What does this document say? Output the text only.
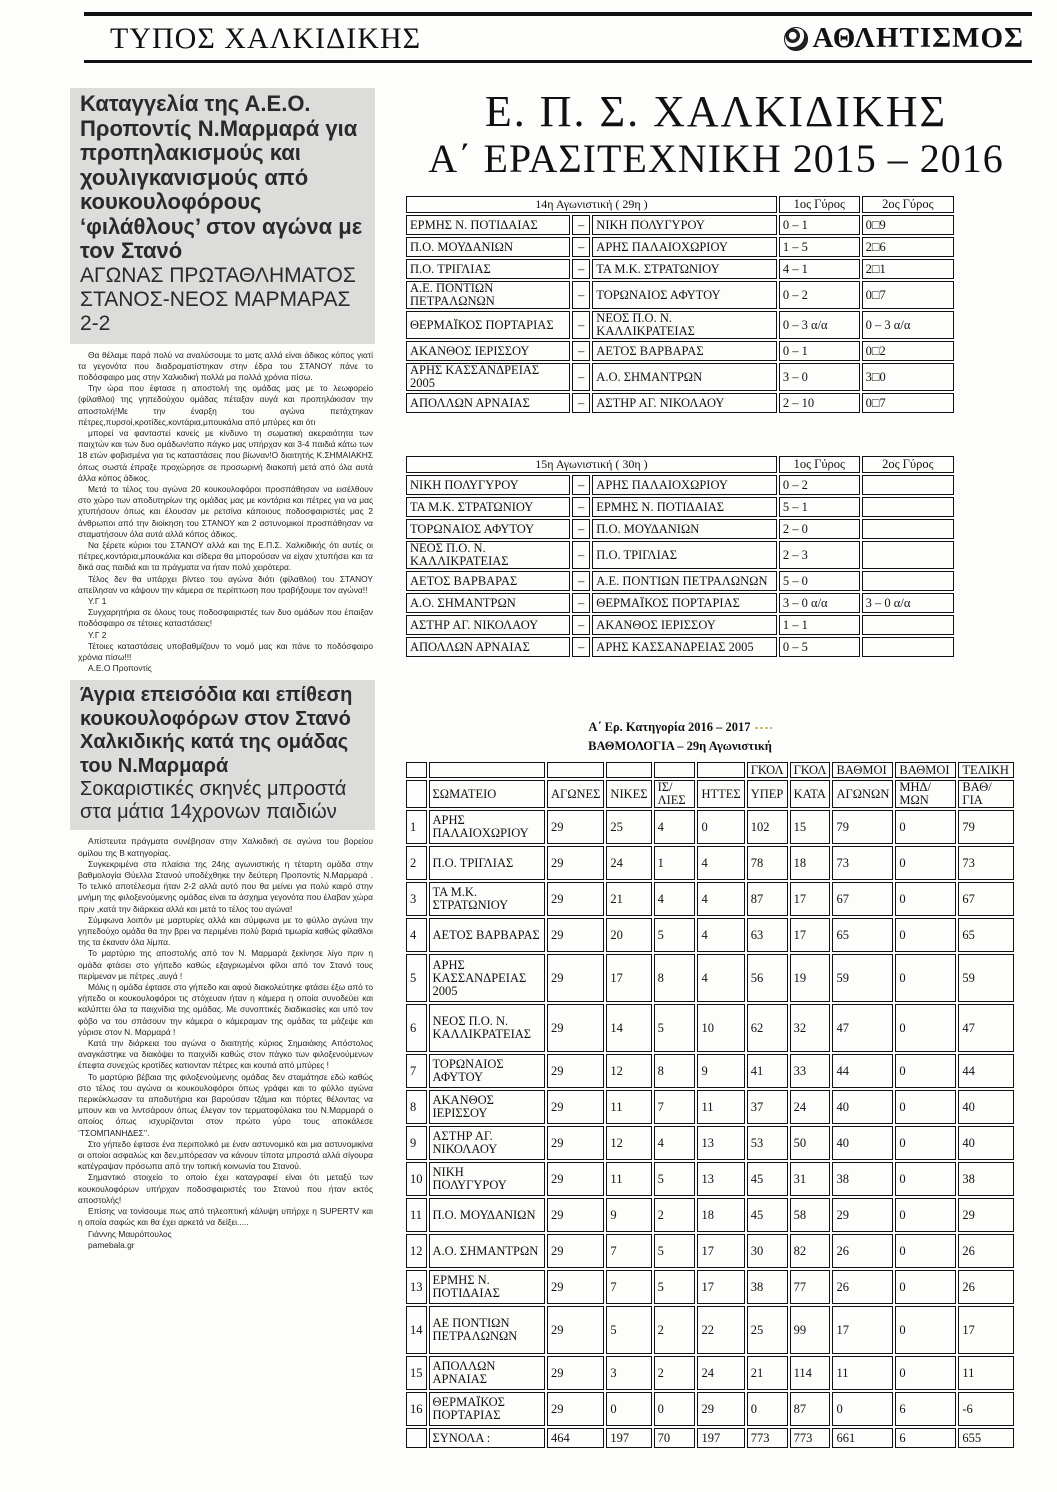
ΤΥΠΟΣ ΧΑΛΚΙΔΙΚΗΣ	ΑΘΛΗΤΙΣΜΟΣ
Καταγγελία της Α.Ε.Ο. Προποντίς Ν.Μαρμαρά για προπηλακισμούς και χουλιγκανισμούς από κουκουλοφόρους ‘φιλάθλους’ στον αγώνα με τον Στανό
ΑΓΩΝΑΣ ΠΡΩΤΑΘΛΗΜΑΤΟΣ
ΣΤΑΝΟΣ-ΝΕΟΣ ΜΑΡΜΑΡΑΣ 2-2

Θα θέλαμε παρά πολύ να αναλύσουμε το ματς αλλά είναι άδικος κόπος γιατί τα γεγονότα που διαδραματίστηκαν στην έδρα του ΣΤΑΝΟΥ πάνε το ποδόσφαιρο μας στην Χαλκιδική πολλά μα πολλά χρόνια πίσω.

Την ώρα που έφτασε η αποστολή της ομάδας μας με το λεωφορείο (φίλαθλοι) της γηπεδούχου ομάδας πέταξαν αυγά και προπηλάκισαν την αποστολή!Με την έναρξη του αγώνα πετάχτηκαν πέτρες,πυρσοί,κροτίδες,κοντάρια,μπουκάλια από μπύρες και ότι

μπορεί να φανταστεί κανείς με κίνδυνο τη σωματική ακεραιότητα των παιχτών και των δυο ομάδων!απο πάγκο μας υπήρχαν και 3-4 παιδιά κάτω των 18 ετών φοβισμένα για τις καταστάσεις που βίωναν!Ο διαιτητής Κ.ΣΗΜΑΙΑΚΗΣ όπως σωστά έπραξε προχώρησε σε προσωρινή διακοπή μετά από όλα αυτά άλλα κόπος άδικος.

Μετά το τέλος του αγώνα 20 κουκουλοφόροι προσπάθησαν να εισέλθουν στο χώρο των αποδυτηρίων της ομάδας μας με κοντάρια και πέτρες για να μας χτυπήσουν όπως και έλουσαν με ρετσίνα κάποιους ποδοσφαιριστές μας 2 άνθρωποι από την διοίκηση του ΣΤΑΝΟΥ και 2 αστυνομικοί προσπάθησαν να σταματήσουν όλα αυτά αλλά κόπος άδικος.

Να ξέρετε κύριοι του ΣΤΑΝΟΥ αλλά και της Ε.Π.Σ. Χαλκιδικής ότι αυτές οι πέτρες,κοντάρια,μπουκάλια και σίδερα θα μπορούσαν να είχαν χτυπήσει και τα δικά σας παιδιά και τα πράγματα να ήταν πολύ χειρότερα.

Τέλος δεν θα υπάρχει βίντεο του αγώνα διότι (φίλαθλοι) του ΣΤΑΝΟΥ απείλησαν να κάψουν την κάμερα σε περίπτωση που τραβήξουμε τον αγώνα!!

Υ.Γ 1

Συγχαρητήρια σε όλους τους ποδοσφαιριστές των δυο ομάδων που έπαιξαν ποδόσφαιρο σε τέτοιες καταστάσεις!

Υ.Γ 2

Τέτοιες καταστάσεις υποβαθμίζουν το νομό μας και πάνε το ποδόσφαιρο χρόνια πίσω!!!

Α.Ε.Ο Προποντίς

Άγρια επεισόδια και επίθεση κουκουλοφόρων στον Στανό Χαλκιδικής κατά της ομάδας του Ν.Μαρμαρά
Σοκαριστικές σκηνές μπροστά στα μάτια 14χρονων παιδιών

Απίστευτα πράγματα συνέβησαν στην Χαλκιδική σε αγώνα του βορείου ομίλου της Β κατηγορίας.

Συγκεκριμένα στα πλαίσια της 24ης αγωνιστικής η τέταρτη ομάδα στην βαθμολογία Θύελλα Στανού υποδέχθηκε την δεύτερη Προποντίς Ν.Μαρμαρά . Το τελικό αποτέλεσμα ήταν 2-2 αλλά αυτό που θα μείνει για πολύ καιρό στην μνήμη της φιλοξενούμενης ομάδας είναι τα άσχημα γεγονότα που έλαβαν χώρα πριν ,κατά την διάρκεια αλλά και μετά το τέλος του αγώνα!

Σύμφωνα λοιπόν με μαρτυρίες αλλά και σύμφωνα με το φύλλο αγώνα την γηπεδούχο ομάδα θα την βρει να περιμένει πολύ βαριά τιμωρία καθώς φίλαθλοι της τα έκαναν όλα λίμπα.

Το μαρτύριο της αποστολής από τον Ν. Μαρμαρά ξεκίνησε λίγο πριν η ομάδα φτάσει στο γήπεδο καθώς εξαγριωμένοι φίλοι από τον Στανό τους περίμεναν με πέτρες ,αυγά !

Μόλις η ομάδα έφτασε στο γήπεδο και αφού διακολεύτηκε φτάσει έξω από το γήπεδο οι κουκουλοφόροι τις στόχευαν ήταν η κάμερα η οποία συνοδεύει και καλύπτει όλα τα παιχνίδια της ομάδας. Με συνοπτικές διαδικασίες και υπό τον φόβο να του σπάσουν την κάμερα ο κάμεραμαν της ομάδας τα μάζεψε και γύρισε στον Ν. Μαρμαρά !

Κατά την διάρκεια του αγώνα ο διαιτητής κύριος Σημαιάκης Απόστολος αναγκάστηκε να διακόψει το παιχνίδι καθώς στον πάγκο των φιλοξενούμενων έπεφτα συνεχώς κροτίδες κατιονταν πέτρες και κουτιά από μπύρες !

Το μαρτύριο βέβαια της φιλοξενούμενης ομάδας δεν σταμάτησε εδώ καθώς στο τέλος του αγώνα οι κουκουλοφόροι όπως γράφει και το φύλλο αγώνα περικύκλωσαν τα αποδυτήρια και βαρούσαν τζάμια και πόρτες θέλοντας να μπουν και να λιντσάρουν όπως έλεγαν τον τερματοφύλακα του Ν.Μαρμαρά ο οποίος όπως ισχυρίζονται στον πρώτο γύρο τους αποκάλεσε ‘ΤΣΟΜΠΑΝΗΔΕΣ’’.

Στο γήπεδο έφτασε ένα περιπολικό με έναν αστυνομικό και μια αστυνομικίνα οι οποίοι ασφαλώς και δεν,μπόρεσαν να κάνουν τίποτα μπροστά αλλά σίγουρα κατέγραψαν πρόσωπα από την τοπική κοινωνία του Στανού.

Σημαντικό στοιχείο το οποίο έχει καταγραφεί είναι ότι μεταξύ των κουκουλοφόρων υπήρχαν ποδοσφαιριστές του Στανού που ήταν εκτός αποστολής!

Επίσης να τονίσουμε πως από τηλεοπτική κάλυψη υπήρχε η SUPERTV και η οποία σαφώς και θα έχει αρκετά να δείξει.....

Γιάννης Μαυρόπουλος

pamebala.gr

Ε. Π. Σ. ΧΑΛΚΙΔΙΚΗΣ
Α΄ ΕΡΑΣΙΤΕΧΝΙΚΗ 2015 – 2016
14η Αγωνιστική ( 29η )			1ος Γύρος	2ος Γύρος
ΕΡΜΗΣ Ν. ΠΟΤΙΔΑΙΑΣ	–	ΝΙΚΗ ΠΟΛΥΓΥΡΟΥ	0 – 1	0□9
Π.Ο. ΜΟΥΔΑΝΙΩΝ	–	ΑΡΗΣ ΠΑΛΑΙΟΧΩΡΙΟΥ	1 – 5	2□6
Π.Ο. ΤΡΙΓΛΙΑΣ	–	ΤΑ Μ.Κ. ΣΤΡΑΤΩΝΙΟΥ	4 – 1	2□1
Α.Ε. ΠΟΝΤΙΩΝ ΠΕΤΡΑΛΩΝΩΝ	–	ΤΟΡΩΝΑΙΟΣ ΑΦΥΤΟΥ	0 – 2	0□7
ΘΕΡΜΑΪΚΟΣ ΠΟΡΤΑΡΙΑΣ	–	ΝΕΟΣ Π.Ο. Ν. ΚΑΛΛΙΚΡΑΤΕΙΑΣ	0 – 3 α/α	0 – 3 α/α
ΑΚΑΝΘΟΣ ΙΕΡΙΣΣΟΥ	–	ΑΕΤΟΣ ΒΑΡΒΑΡΑΣ	0 – 1	0□2
ΑΡΗΣ ΚΑΣΣΑΝΔΡΕΙΑΣ 2005	–	Α.Ο. ΣΗΜΑΝΤΡΩΝ	3 – 0	3□0
ΑΠΟΛΛΩΝ ΑΡΝΑΙΑΣ	–	ΑΣΤΗΡ ΑΓ. ΝΙΚΟΛΑΟΥ	2 – 10	0□7
15η Αγωνιστική ( 30η )			1ος Γύρος	2ος Γύρος
ΝΙΚΗ ΠΟΛΥΓΥΡΟΥ	–	ΑΡΗΣ ΠΑΛΑΙΟΧΩΡΙΟΥ	0 – 2	
ΤΑ Μ.Κ. ΣΤΡΑΤΩΝΙΟΥ	–	ΕΡΜΗΣ Ν. ΠΟΤΙΔΑΙΑΣ	5 – 1	
ΤΟΡΩΝΑΙΟΣ ΑΦΥΤΟΥ	–	Π.Ο. ΜΟΥΔΑΝΙΩΝ	2 – 0	
ΝΕΟΣ Π.Ο. Ν. ΚΑΛΛΙΚΡΑΤΕΙΑΣ	–	Π.Ο. ΤΡΙΓΛΙΑΣ	2 – 3	
ΑΕΤΟΣ ΒΑΡΒΑΡΑΣ	–	Α.Ε. ΠΟΝΤΙΩΝ ΠΕΤΡΑΛΩΝΩΝ	5 – 0	
Α.Ο. ΣΗΜΑΝΤΡΩΝ	–	ΘΕΡΜΑΪΚΟΣ ΠΟΡΤΑΡΙΑΣ	3 – 0 α/α	3 – 0 α/α
ΑΣΤΗΡ ΑΓ. ΝΙΚΟΛΑΟΥ	–	ΑΚΑΝΘΟΣ ΙΕΡΙΣΣΟΥ	1 – 1	
ΑΠΟΛΛΩΝ ΑΡΝΑΙΑΣ	–	ΑΡΗΣ ΚΑΣΣΑΝΔΡΕΙΑΣ 2005	0 – 5	
Α΄ Ερ. Κατηγορία 2016 – 2017
ΒΑΘΜΟΛΟΓΙΑ – 29η Αγωνιστική
						ΓΚΟΛ	ΓΚΟΛ	ΒΑΘΜΟΙ	ΒΑΘΜΟΙ	ΤΕΛΙΚΗ
	ΣΩΜΑΤΕΙΟ	ΑΓΩΝΕΣ	ΝΙΚΕΣ	ΙΣ/ΛΙΕΣ	ΗΤΤΕΣ	ΥΠΕΡ	ΚΑΤΑ	ΑΓΩΝΩΝ	ΜΗΔ/ΜΩΝ	ΒΑΘ/ΓΙΑ
1	ΑΡΗΣ ΠΑΛΑΙΟΧΩΡΙΟΥ	29	25	4	0	102	15	79	0	79
2	Π.Ο. ΤΡΙΓΛΙΑΣ	29	24	1	4	78	18	73	0	73
3	ΤΑ Μ.Κ. ΣΤΡΑΤΩΝΙΟΥ	29	21	4	4	87	17	67	0	67
4	ΑΕΤΟΣ ΒΑΡΒΑΡΑΣ	29	20	5	4	63	17	65	0	65
5	ΑΡΗΣ ΚΑΣΣΑΝΔΡΕΙΑΣ 2005	29	17	8	4	56	19	59	0	59
6	ΝΕΟΣ Π.Ο. Ν. ΚΑΛΛΙΚΡΑΤΕΙΑΣ	29	14	5	10	62	32	47	0	47
7	ΤΟΡΩΝΑΙΟΣ ΑΦΥΤΟΥ	29	12	8	9	41	33	44	0	44
8	ΑΚΑΝΘΟΣ ΙΕΡΙΣΣΟΥ	29	11	7	11	37	24	40	0	40
9	ΑΣΤΗΡ ΑΓ. ΝΙΚΟΛΑΟΥ	29	12	4	13	53	50	40	0	40
10	ΝΙΚΗ ΠΟΛΥΓΥΡΟΥ	29	11	5	13	45	31	38	0	38
11	Π.Ο. ΜΟΥΔΑΝΙΩΝ	29	9	2	18	45	58	29	0	29
12	Α.Ο. ΣΗΜΑΝΤΡΩΝ	29	7	5	17	30	82	26	0	26
13	ΕΡΜΗΣ Ν. ΠΟΤΙΔΑΙΑΣ	29	7	5	17	38	77	26	0	26
14	ΑΕ ΠΟΝΤΙΩΝ ΠΕΤΡΑΛΩΝΩΝ	29	5	2	22	25	99	17	0	17
15	ΑΠΟΛΛΩΝ ΑΡΝΑΙΑΣ	29	3	2	24	21	114	11	0	11
16	ΘΕΡΜΑΪΚΟΣ ΠΟΡΤΑΡΙΑΣ	29	0	0	29	0	87	0	6	-6
	ΣΥΝΟΛΑ :	464	197	70	197	773	773	661	6	655
